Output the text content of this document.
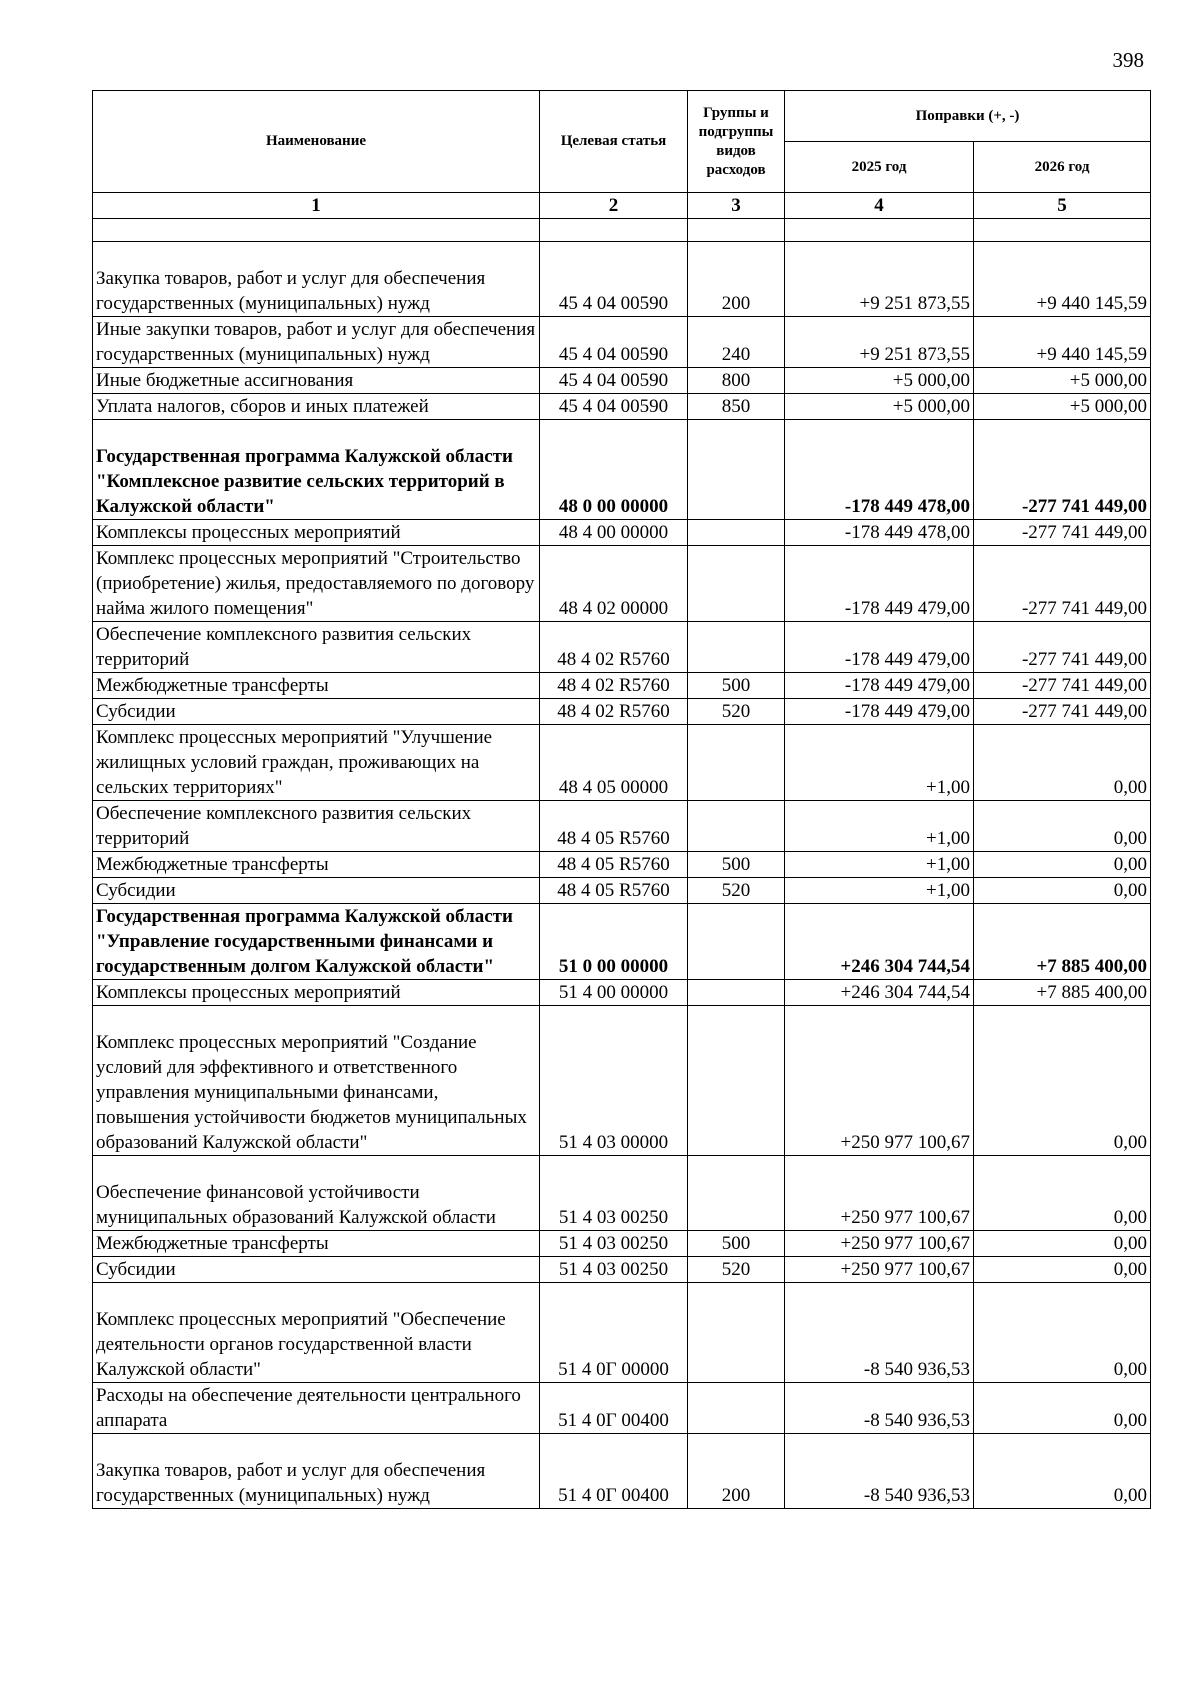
398
Наименование	Целевая статья	Группы и подгруппы видов расходов	Поправки (+, -)	
			2025 год	2026 год
1	2	3	4	5

Закупка товаров, работ и услуг для обеспечения государственных (муниципальных) нужд	45 4 04 00590	200	+9 251 873,55	+9 440 145,59
Иные закупки товаров, работ и услуг для обеспечения государственных (муниципальных) нужд	45 4 04 00590	240	+9 251 873,55	+9 440 145,59
Иные бюджетные ассигнования	45 4 04 00590	800	+5 000,00	+5 000,00
Уплата налогов, сборов и иных платежей	45 4 04 00590	850	+5 000,00	+5 000,00
Государственная программа Калужской области "Комплексное развитие сельских территорий в Калужской области"	48 0 00 00000		-178 449 478,00	-277 741 449,00
Комплексы процессных мероприятий	48 4 00 00000		-178 449 478,00	-277 741 449,00
Комплекс процессных мероприятий "Строительство (приобретение) жилья, предоставляемого по договору найма жилого помещения"	48 4 02 00000		-178 449 479,00	-277 741 449,00
Обеспечение комплексного развития сельских территорий	48 4 02 R5760		-178 449 479,00	-277 741 449,00
Межбюджетные трансферты	48 4 02 R5760	500	-178 449 479,00	-277 741 449,00
Субсидии	48 4 02 R5760	520	-178 449 479,00	-277 741 449,00
Комплекс процессных мероприятий "Улучшение жилищных условий граждан, проживающих на сельских территориях"	48 4 05 00000		+1,00	0,00
Обеспечение комплексного развития сельских территорий	48 4 05 R5760		+1,00	0,00
Межбюджетные трансферты	48 4 05 R5760	500	+1,00	0,00
Субсидии	48 4 05 R5760	520	+1,00	0,00
Государственная программа Калужской области "Управление государственными финансами и государственным долгом Калужской области"	51 0 00 00000		+246 304 744,54	+7 885 400,00
Комплексы процессных мероприятий	51 4 00 00000		+246 304 744,54	+7 885 400,00
Комплекс процессных мероприятий "Создание условий для эффективного и ответственного управления муниципальными финансами, повышения устойчивости бюджетов муниципальных образований Калужской области"	51 4 03 00000		+250 977 100,67	0,00
Обеспечение финансовой устойчивости муниципальных образований Калужской области	51 4 03 00250		+250 977 100,67	0,00
Межбюджетные трансферты	51 4 03 00250	500	+250 977 100,67	0,00
Субсидии	51 4 03 00250	520	+250 977 100,67	0,00
Комплекс процессных мероприятий "Обеспечение деятельности органов государственной власти Калужской области"	51 4 0Г 00000		-8 540 936,53	0,00
Расходы на обеспечение деятельности центрального аппарата	51 4 0Г 00400		-8 540 936,53	0,00
Закупка товаров, работ и услуг для обеспечения государственных (муниципальных) нужд	51 4 0Г 00400	200	-8 540 936,53	0,00
